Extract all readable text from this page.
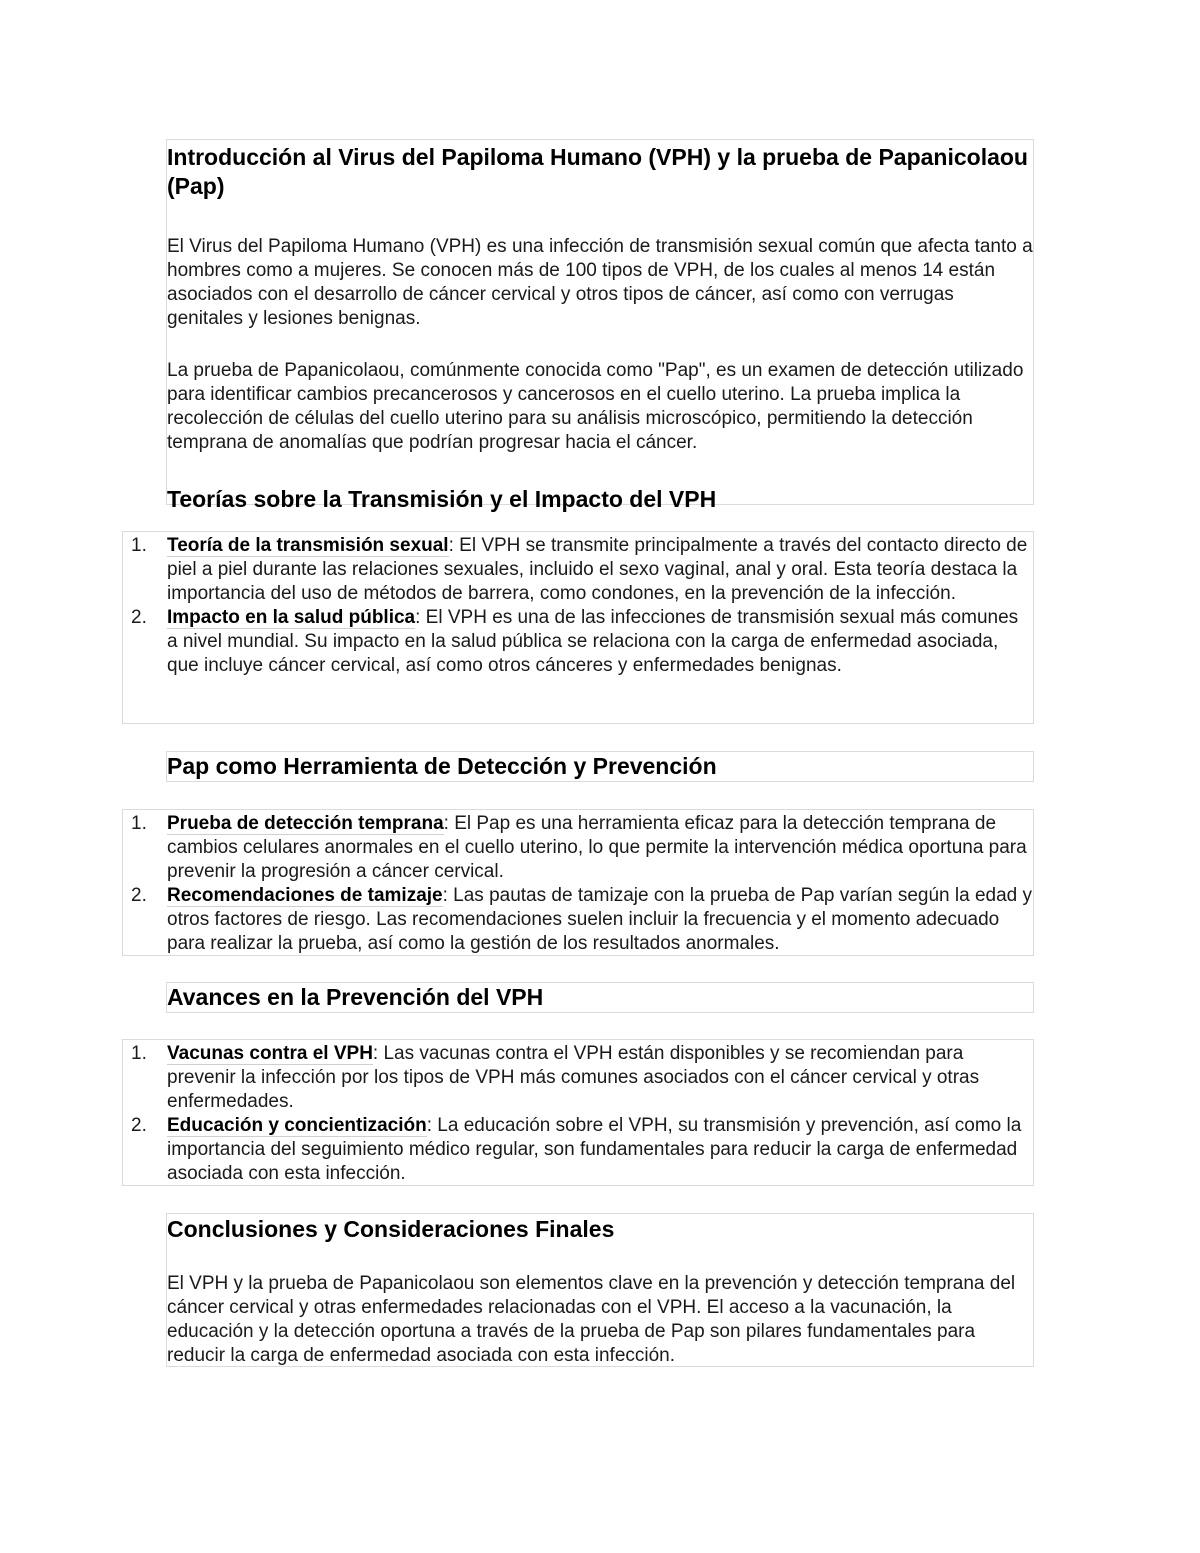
Introducción al Virus del Papiloma Humano (VPH) y la prueba de Papanicolaou (Pap)

El Virus del Papiloma Humano (VPH) es una infección de transmisión sexual común que afecta tanto a hombres como a mujeres. Se conocen más de 100 tipos de VPH, de los cuales al menos 14 están asociados con el desarrollo de cáncer cervical y otros tipos de cáncer, así como con verrugas genitales y lesiones benignas.

La prueba de Papanicolaou, comúnmente conocida como "Pap", es un examen de detección utilizado para identificar cambios precancerosos y cancerosos en el cuello uterino. La prueba implica la recolección de células del cuello uterino para su análisis microscópico, permitiendo la detección temprana de anomalías que podrían progresar hacia el cáncer.

Teorías sobre la Transmisión y el Impacto del VPH
1.	Teoría de la transmisión sexual: El VPH se transmite principalmente a través del contacto directo de piel a piel durante las relaciones sexuales, incluido el sexo vaginal, anal y oral. Esta teoría destaca la importancia del uso de métodos de barrera, como condones, en la prevención de la infección.
2.	Impacto en la salud pública: El VPH es una de las infecciones de transmisión sexual más comunes a nivel mundial. Su impacto en la salud pública se relaciona con la carga de enfermedad asociada, que incluye cáncer cervical, así como otros cánceres y enfermedades benignas.
Pap como Herramienta de Detección y Prevención
1.	Prueba de detección temprana: El Pap es una herramienta eficaz para la detección temprana de cambios celulares anormales en el cuello uterino, lo que permite la intervención médica oportuna para prevenir la progresión a cáncer cervical.
2.	Recomendaciones de tamizaje: Las pautas de tamizaje con la prueba de Pap varían según la edad y otros factores de riesgo. Las recomendaciones suelen incluir la frecuencia y el momento adecuado para realizar la prueba, así como la gestión de los resultados anormales.
Avances en la Prevención del VPH
1.	Vacunas contra el VPH: Las vacunas contra el VPH están disponibles y se recomiendan para prevenir la infección por los tipos de VPH más comunes asociados con el cáncer cervical y otras enfermedades.
2.	Educación y concientización: La educación sobre el VPH, su transmisión y prevención, así como la importancia del seguimiento médico regular, son fundamentales para reducir la carga de enfermedad asociada con esta infección.
Conclusiones y Consideraciones Finales

El VPH y la prueba de Papanicolaou son elementos clave en la prevención y detección temprana del cáncer cervical y otras enfermedades relacionadas con el VPH. El acceso a la vacunación, la educación y la detección oportuna a través de la prueba de Pap son pilares fundamentales para reducir la carga de enfermedad asociada con esta infección.
